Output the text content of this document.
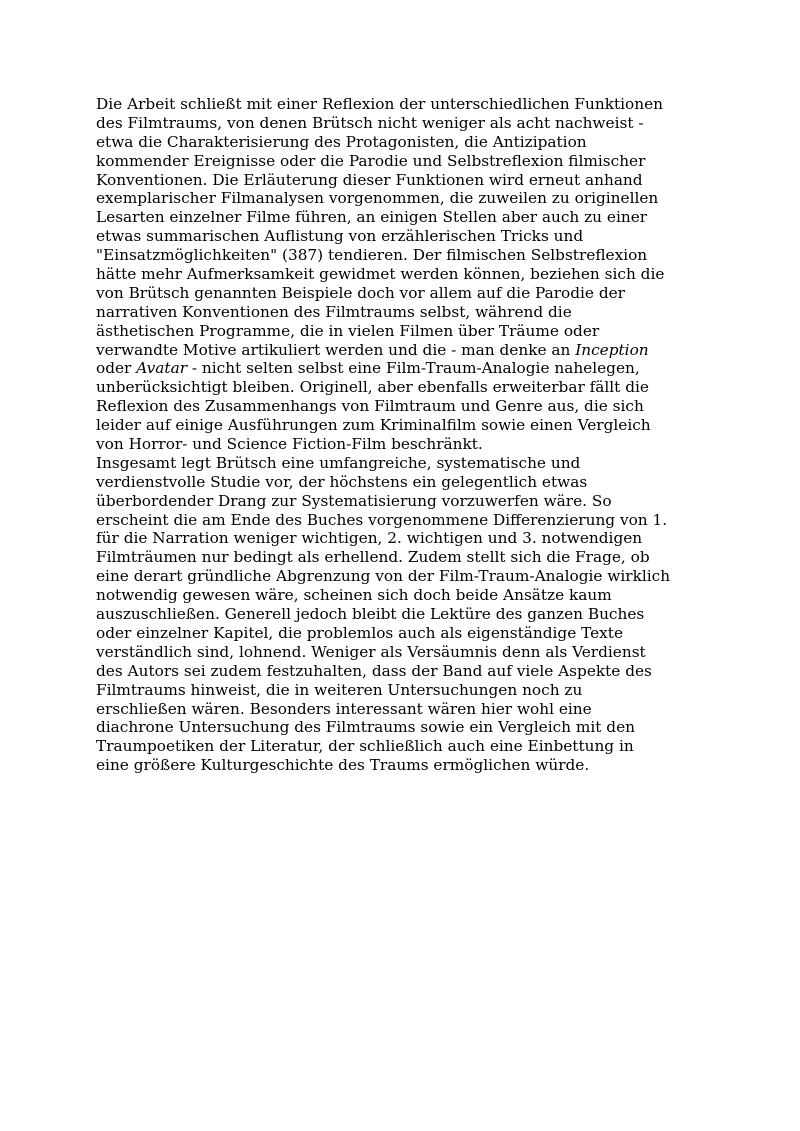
Die Arbeit schließt mit einer Reflexion der unterschiedlichen Funktionen
des Filmtraums, von denen Brütsch nicht weniger als acht nachweist -
etwa die Charakterisierung des Protagonisten, die Antizipation
kommender Ereignisse oder die Parodie und Selbstreflexion filmischer
Konventionen. Die Erläuterung dieser Funktionen wird erneut anhand
exemplarischer Filmanalysen vorgenommen, die zuweilen zu originellen
Lesarten einzelner Filme führen, an einigen Stellen aber auch zu einer
etwas summarischen Auflistung von erzählerischen Tricks und
"Einsatzmöglichkeiten" (387) tendieren. Der filmischen Selbstreflexion
hätte mehr Aufmerksamkeit gewidmet werden können, beziehen sich die
von Brütsch genannten Beispiele doch vor allem auf die Parodie der
narrativen Konventionen des Filmtraums selbst, während die
ästhetischen Programme, die in vielen Filmen über Träume oder
verwandte Motive artikuliert werden und die - man denke an Inception
oder Avatar - nicht selten selbst eine Film-Traum-Analogie nahelegen,
unberücksichtigt bleiben. Originell, aber ebenfalls erweiterbar fällt die
Reflexion des Zusammenhangs von Filmtraum und Genre aus, die sich
leider auf einige Ausführungen zum Kriminalfilm sowie einen Vergleich
von Horror- und Science Fiction-Film beschränkt.
Insgesamt legt Brütsch eine umfangreiche, systematische und
verdienstvolle Studie vor, der höchstens ein gelegentlich etwas
überbordender Drang zur Systematisierung vorzuwerfen wäre. So
erscheint die am Ende des Buches vorgenommene Differenzierung von 1.
für die Narration weniger wichtigen, 2. wichtigen und 3. notwendigen
Filmträumen nur bedingt als erhellend. Zudem stellt sich die Frage, ob
eine derart gründliche Abgrenzung von der Film-Traum-Analogie wirklich
notwendig gewesen wäre, scheinen sich doch beide Ansätze kaum
auszuschließen. Generell jedoch bleibt die Lektüre des ganzen Buches
oder einzelner Kapitel, die problemlos auch als eigenständige Texte
verständlich sind, lohnend. Weniger als Versäumnis denn als Verdienst
des Autors sei zudem festzuhalten, dass der Band auf viele Aspekte des
Filmtraums hinweist, die in weiteren Untersuchungen noch zu
erschließen wären. Besonders interessant wären hier wohl eine
diachrone Untersuchung des Filmtraums sowie ein Vergleich mit den
Traumpoetiken der Literatur, der schließlich auch eine Einbettung in
eine größere Kulturgeschichte des Traums ermöglichen würde.
